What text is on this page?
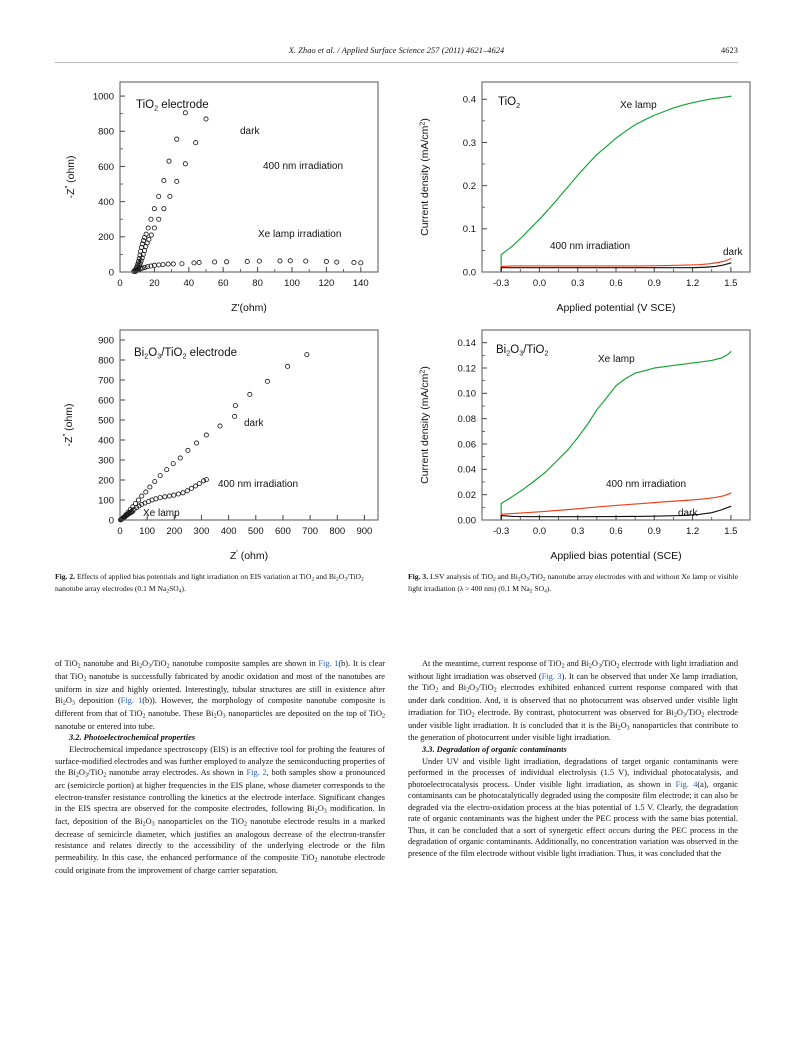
X. Zhao et al. / Applied Surface Science 257 (2011) 4621–4624	4623
0	20	40	60	80 100 120 140
0
200
400
600
800
1000
TiO$_2$ electrode
dark
400 nm irradiation
Xe lamp irradiation
Z'(ohm)
-Z″ (ohm)
0 100 200 300 400 500 600 700 800 900
0
100
200
300
400
500
600
700
800
900
$Bi_2O_3/TiO_2$ electrode
dark
400 nm irradiation
Xe lamp
Z′ (ohm)
-Z″ (ohm)
-0.3 0.0	0.3	0.6	0.9	1.2	1.5
0.0
0.1
0.2
0.3
0.4 TiO$_2$	Xe lamp
400 nm irradiation
dark
Applied potential (V SCE)
Current density $(mA/cm^2)$
-0.3 0.0	0.3	0.6	0.9	1.2	1.5
0.00
0.02
0.04
0.06
0.08
0.10
0.12
0.14
$Bi_2O_3/TiO_2$
Xe lamp
400 nm irradiation
dark
Applied bias potential (SCE)
Current density $(mA/cm^2)$
Fig. 2. Effects of applied bias potentials and light irradiation on EIS variation at TiO$_2$ and $Bi_2O_3/TiO_2$ nanotube array electrodes (0.1 M $Na_2SO_4$).
Fig. 3. LSV analysis of TiO$_2$ and $Bi_2O_3/TiO_2$ nanotube array electrodes with and without Xe lamp or visible light irradiation (λ > 400 nm) (0.1 M $Na_2$ $SO_4$).

of TiO$_2$ nanotube and $Bi_2O_3/TiO_2$ nanotube composite samples are shown in Fig. 1(b). It is clear that TiO$_2$ nanotube is successfully fabricated by anodic oxidation and most of the nanotubes are uniform in size and highly oriented. Interestingly, tubular structures are still in existence after $Bi_2O_3$ deposition (Fig. 1(b)). However, the morphology of composite nanotube composite is different from that of TiO$_2$ nanotube. These $Bi_2O_3$ nanoparticles are deposited on the top of TiO$_2$ nanotube or entered into tube.

3.2. Photoelectrochemical properties

Electrochemical impedance spectroscopy (EIS) is an effective tool for probing the features of surface-modified electrodes and was further employed to analyze the semiconducting properties of the $Bi_2O_3/TiO_2$ nanotube array electrodes. As shown in Fig. 2, both samples show a pronounced arc (semicircle portion) at higher frequencies in the EIS plane, whose diameter corresponds to the electron-transfer resistance controlling the kinetics at the electrode interface. Significant changes in the EIS spectra are observed for the composite electrodes, following $Bi_2O_3$ modification. In fact, deposition of the $Bi_2O_3$ nanoparticles on the TiO$_2$ nanotube electrode results in a marked decrease of semicircle diameter, which justifies an analogous decrease of the electron-transfer resistance and relates directly to the accessibility of the underlying electrode or the film permeability. In this case, the enhanced performance of the composite TiO$_2$ nanotube electrode could originate from the improvement of charge carrier separation.

At the meantime, current response of TiO$_2$ and $Bi_2O_3/TiO_2$ electrode with light irradiation and without light irradiation was observed (Fig. 3). It can be observed that under Xe lamp irradiation, the TiO$_2$ and $Bi_2O_3/TiO_2$ electrodes exhibited enhanced current response compared with that under dark condition. And, it is observed that no photocurrent was observed under visible light irradiation for TiO$_2$ electrode. By contrast, photocurrent was observed for $Bi_2O_3/TiO_2$ electrode under visible light irradiation. It is concluded that it is the $Bi_2O_3$ nanoparticles that contribute to the generation of photocurrent under visible light irradiation.

3.3. Degradation of organic contaminants

Under UV and visible light irradiation, degradations of target organic contaminants were performed in the processes of individual electrolysis (1.5 V), individual photocatalysis, and photoelectrocatalysis process. Under visible light irradiation, as shown in Fig. 4(a), organic contaminants can be photocatalytically degraded using the composite film electrode; it can also be degraded via the electro-oxidation process at the bias potential of 1.5 V. Clearly, the degradation rate of organic contaminants was the highest under the PEC process with the same bias potential. Thus, it can be concluded that a sort of synergetic effect occurs during the PEC process in the degradation of organic contaminants. Additionally, no concentration variation was observed in the presence of the film electrode without visible light irradiation. Thus, it was concluded that the
